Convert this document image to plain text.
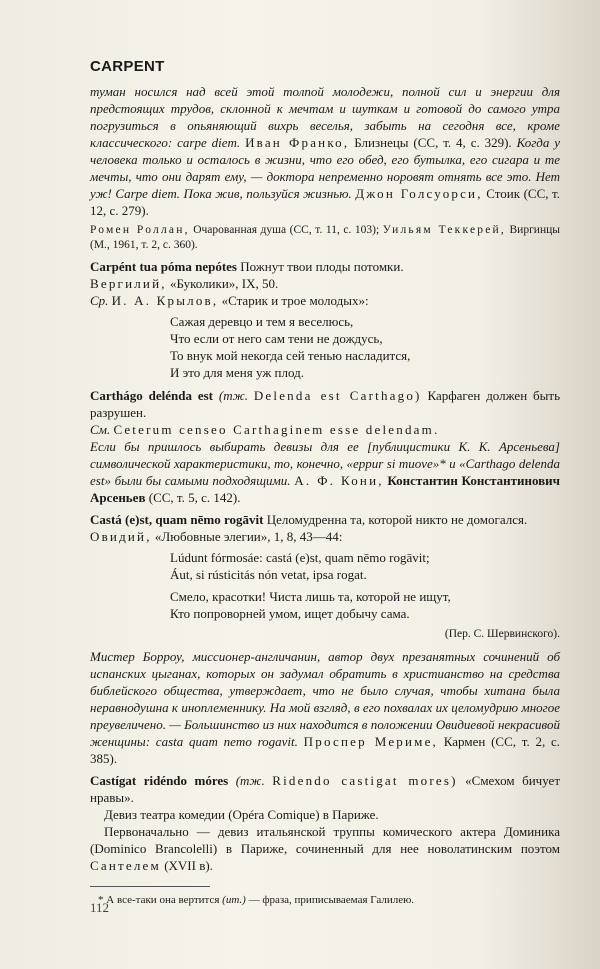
CARPENT

туман носился над всей этой толпой молодежи, полной сил и энергии для предстоящих трудов, склонной к мечтам и шуткам и готовой до самого утра погрузиться в опьяняющий вихрь веселья, забыть на сегодня все, кроме классического: carpe diem. Иван Франко, Близнецы (СС, т. 4, с. 329). Когда у человека только и осталось в жизни, что его обед, его бутылка, его сигара и те мечты, что они дарят ему, — доктора непременно норовят отнять все это. Нет уж! Carpe diem. Пока жив, пользуйся жизнью. Джон Голсуорси, Стоик (СС, т. 12, с. 279).

Ромен Роллан, Очарованная душа (СС, т. 11, с. 103); Уильям Теккерей, Виргинцы (М., 1961, т. 2, с. 360).

Carpént tua póma nepótes Пожнут твои плоды потомки.

Вергилий, «Буколики», IX, 50.

Ср. И. А. Крылов, «Старик и трое молодых»:

Сажая деревцо и тем я веселюсь,
Что если от него сам тени не дождусь,
То внук мой некогда сей тенью насладится,
И это для меня уж плод.

Carthágo delénda est (тж. Delenda est Carthago) Карфаген должен быть разрушен.

См. Ceterum censeo Carthaginem esse delendam.

Если бы пришлось выбирать девизы для ее [публицистики К. К. Арсеньева] символической характеристики, то, конечно, «eppur si muove»* и «Carthago delenda est» были бы самыми подходящими. А. Ф. Кони, Константин Константинович Арсеньев (СС, т. 5, с. 142).

Castá (e)st, quam nēmo rogāvit Целомудренна та, которой никто не домогался.

Овидий, «Любовные элегии», 1, 8, 43—44:

Lúdunt fórmosáe: castá (e)st, quam nēmo rogāvit;
Áut, si rústicitás nón vetat, ipsa rogat.
Смело, красотки! Чиста лишь та, которой не ищут,
Кто попроворней умом, ищет добычу сама.
(Пер. С. Шервинского).

Мистер Борроу, миссионер-англичанин, автор двух презанятных сочинений об испанских цыганах, которых он задумал обратить в христианство на средства библейского общества, утверждает, что не было случая, чтобы хитана была неравнодушна к иноплеменнику. На мой взгляд, в его похвалах их целомудрию многое преувеличено. — Большинство из них находится в положении Овидиевой некрасивой женщины: casta quam nemo rogavit. Проспер Мериме, Кармен (СС, т. 2, с. 385).

Castígat ridéndo móres (тж. Ridendo castigat mores) «Смехом бичует нравы».

Девиз театра комедии (Opéra Comique) в Париже.

Первоначально — девиз итальянской труппы комического актера Доминика (Dominico Brancolelli) в Париже, сочиненный для нее новолатинским поэтом Сантелем (XVII в).

* А все-таки она вертится (ит.) — фраза, приписываемая Галилею.
112
